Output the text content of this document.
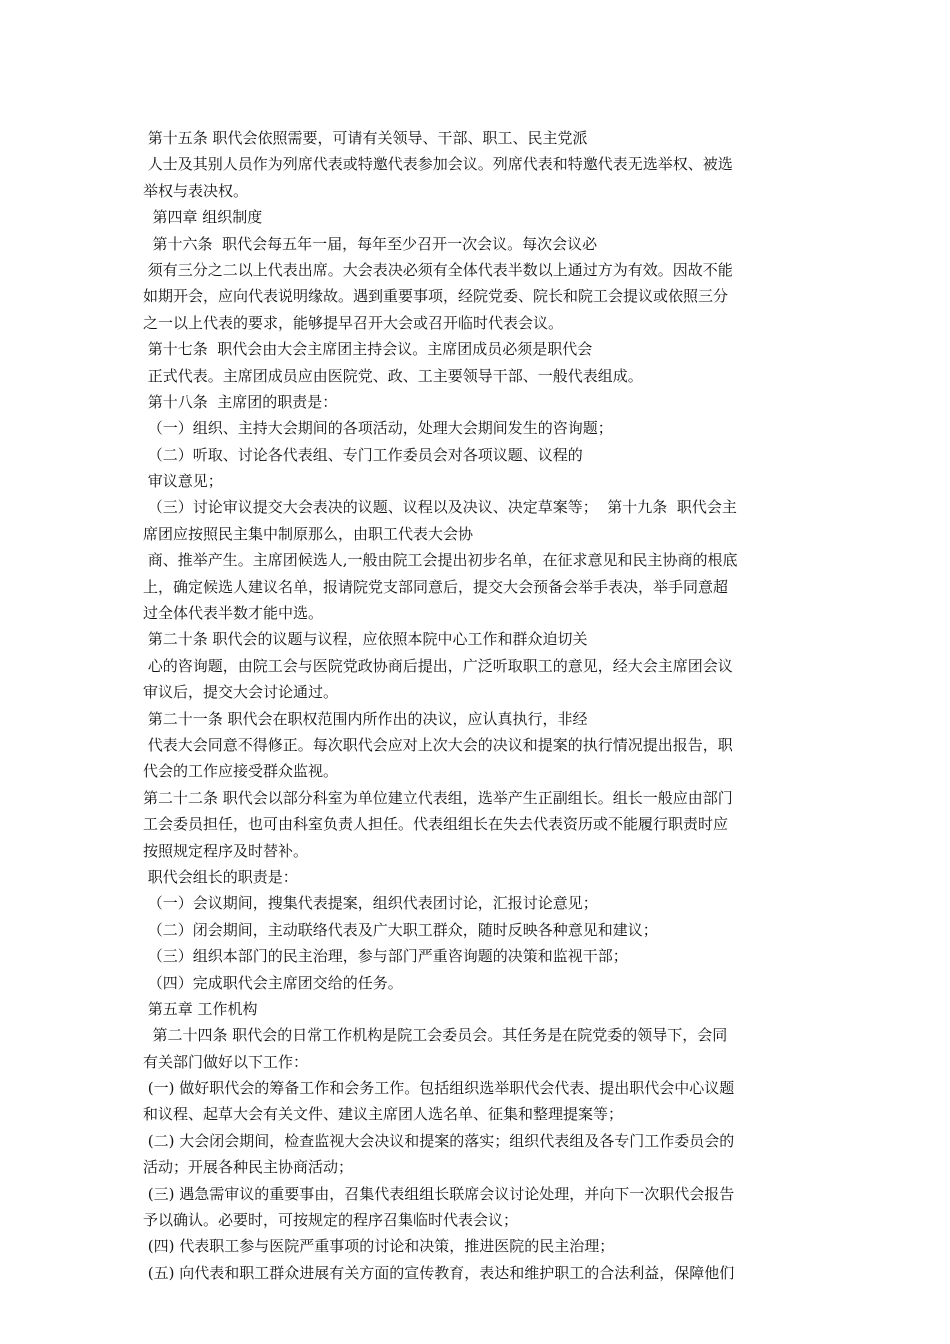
第十五条 职代会依照需要，可请有关领导、干部、职工、民主党派
人士及其别人员作为列席代表或特邀代表参加会议。列席代表和特邀代表无选举权、被选
举权与表决权。
第四章 组织制度
第十六条  职代会每五年一届，每年至少召开一次会议。每次会议必
须有三分之二以上代表出席。大会表决必须有全体代表半数以上通过方为有效。因故不能
如期开会，应向代表说明缘故。遇到重要事项，经院党委、院长和院工会提议或依照三分
之一以上代表的要求，能够提早召开大会或召开临时代表会议。
第十七条  职代会由大会主席团主持会议。主席团成员必须是职代会
正式代表。主席团成员应由医院党、政、工主要领导干部、一般代表组成。
第十八条  主席团的职责是：
（一）组织、主持大会期间的各项活动，处理大会期间发生的咨询题；
（二）听取、讨论各代表组、专门工作委员会对各项议题、议程的
审议意见；
（三）讨论审议提交大会表决的议题、议程以及决议、决定草案等；  第十九条  职代会主
席团应按照民主集中制原那么，由职工代表大会协
商、推举产生。主席团候选人,一般由院工会提出初步名单，在征求意见和民主协商的根底
上，确定候选人建议名单，报请院党支部同意后，提交大会预备会举手表决，举手同意超
过全体代表半数才能中选。
第二十条 职代会的议题与议程，应依照本院中心工作和群众迫切关
心的咨询题，由院工会与医院党政协商后提出，广泛听取职工的意见，经大会主席团会议
审议后，提交大会讨论通过。
第二十一条 职代会在职权范围内所作出的决议，应认真执行，非经
代表大会同意不得修正。每次职代会应对上次大会的决议和提案的执行情况提出报告，职
代会的工作应接受群众监视。
第二十二条 职代会以部分科室为单位建立代表组，选举产生正副组长。组长一般应由部门
工会委员担任，也可由科室负责人担任。代表组组长在失去代表资历或不能履行职责时应
按照规定程序及时替补。
职代会组长的职责是：
（一）会议期间，搜集代表提案，组织代表团讨论，汇报讨论意见；
（二）闭会期间，主动联络代表及广大职工群众，随时反映各种意见和建议；
（三）组织本部门的民主治理，参与部门严重咨询题的决策和监视干部；
（四）完成职代会主席团交给的任务。
第五章 工作机构
第二十四条 职代会的日常工作机构是院工会委员会。其任务是在院党委的领导下，会同
有关部门做好以下工作：
(一) 做好职代会的筹备工作和会务工作。包括组织选举职代会代表、提出职代会中心议题
和议程、起草大会有关文件、建议主席团人选名单、征集和整理提案等；
(二) 大会闭会期间，检查监视大会决议和提案的落实；组织代表组及各专门工作委员会的
活动；开展各种民主协商活动；
(三) 遇急需审议的重要事由，召集代表组组长联席会议讨论处理，并向下一次职代会报告
予以确认。必要时，可按规定的程序召集临时代表会议；
(四) 代表职工参与医院严重事项的讨论和决策，推进医院的民主治理；
(五) 向代表和职工群众进展有关方面的宣传教育，表达和维护职工的合法利益，保障他们
